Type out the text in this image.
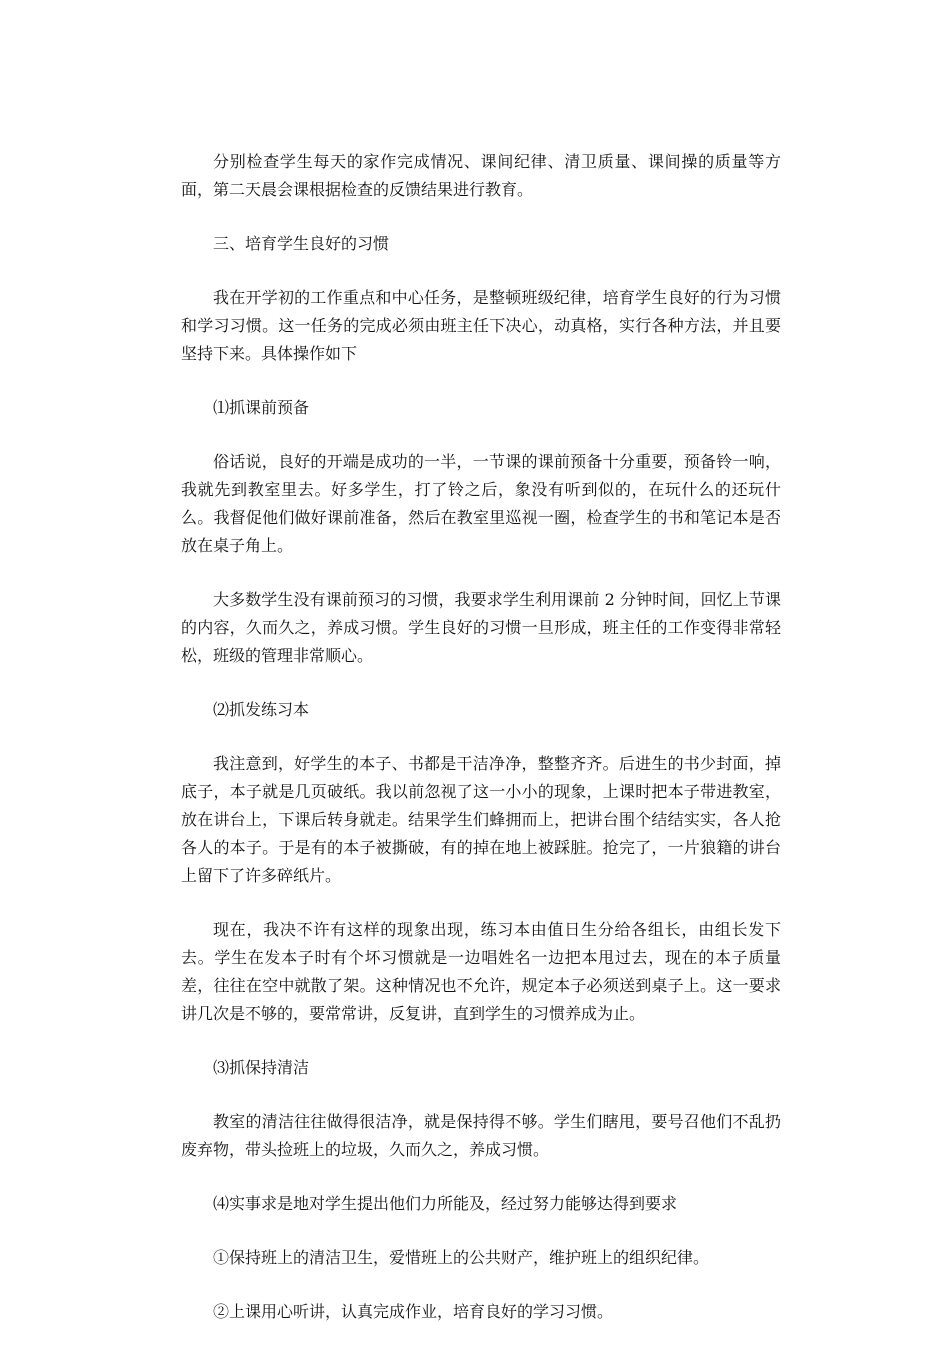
分别检查学生每天的家作完成情况、课间纪律、清卫质量、课间操的质量等方面，第二天晨会课根据检查的反馈结果进行教育。

三、培育学生良好的习惯

我在开学初的工作重点和中心任务，是整顿班级纪律，培育学生良好的行为习惯和学习习惯。这一任务的完成必须由班主任下决心，动真格，实行各种方法，并且要坚持下来。具体操作如下

⑴抓课前预备

俗话说，良好的开端是成功的一半，一节课的课前预备十分重要，预备铃一响，我就先到教室里去。好多学生，打了铃之后，象没有听到似的，在玩什么的还玩什么。我督促他们做好课前准备，然后在教室里巡视一圈，检查学生的书和笔记本是否放在桌子角上。

大多数学生没有课前预习的习惯，我要求学生利用课前 2 分钟时间，回忆上节课的内容，久而久之，养成习惯。学生良好的习惯一旦形成，班主任的工作变得非常轻松，班级的管理非常顺心。

⑵抓发练习本

我注意到，好学生的本子、书都是干洁净净，整整齐齐。后进生的书少封面，掉底子，本子就是几页破纸。我以前忽视了这一小小的现象，上课时把本子带进教室，放在讲台上，下课后转身就走。结果学生们蜂拥而上，把讲台围个结结实实，各人抢各人的本子。于是有的本子被撕破，有的掉在地上被踩脏。抢完了，一片狼籍的讲台上留下了许多碎纸片。

现在，我决不许有这样的现象出现，练习本由值日生分给各组长，由组长发下去。学生在发本子时有个坏习惯就是一边唱姓名一边把本甩过去，现在的本子质量差，往往在空中就散了架。这种情况也不允许，规定本子必须送到桌子上。这一要求讲几次是不够的，要常常讲，反复讲，直到学生的习惯养成为止。

⑶抓保持清洁

教室的清洁往往做得很洁净，就是保持得不够。学生们瞎甩，要号召他们不乱扔废弃物，带头捡班上的垃圾，久而久之，养成习惯。

⑷实事求是地对学生提出他们力所能及，经过努力能够达得到要求

①保持班上的清洁卫生，爱惜班上的公共财产，维护班上的组织纪律。

②上课用心听讲，认真完成作业，培育良好的学习习惯。
